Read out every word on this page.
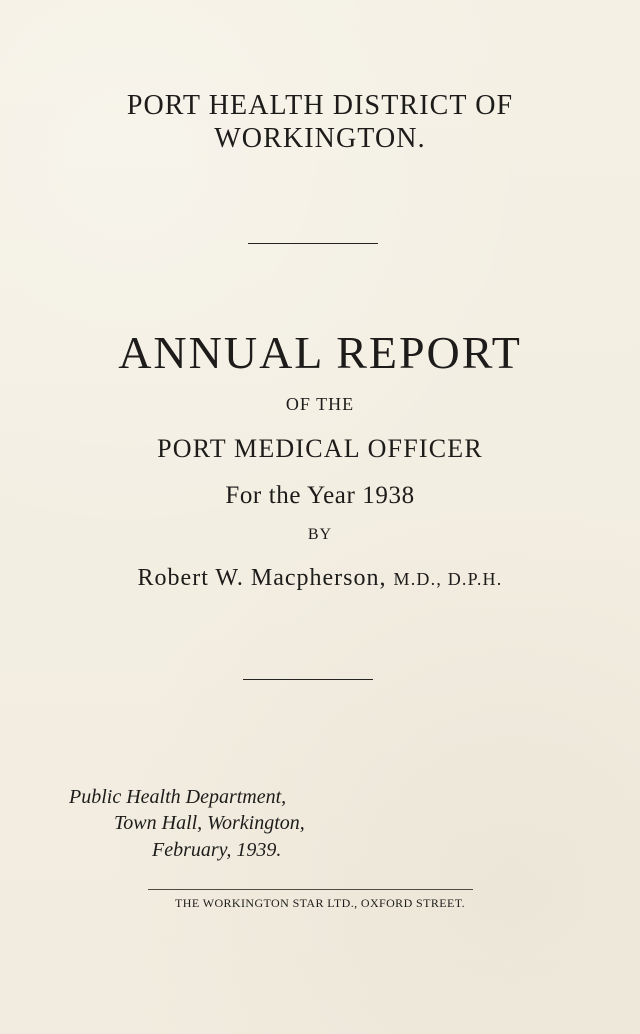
PORT HEALTH DISTRICT OF
WORKINGTON.
ANNUAL REPORT
OF THE
PORT MEDICAL OFFICER
For the Year 1938
BY
Robert W. Macpherson, M.D., D.P.H.
Public Health Department,
Town Hall, Workington,
February, 1939.
THE WORKINGTON STAR LTD., OXFORD STREET.
